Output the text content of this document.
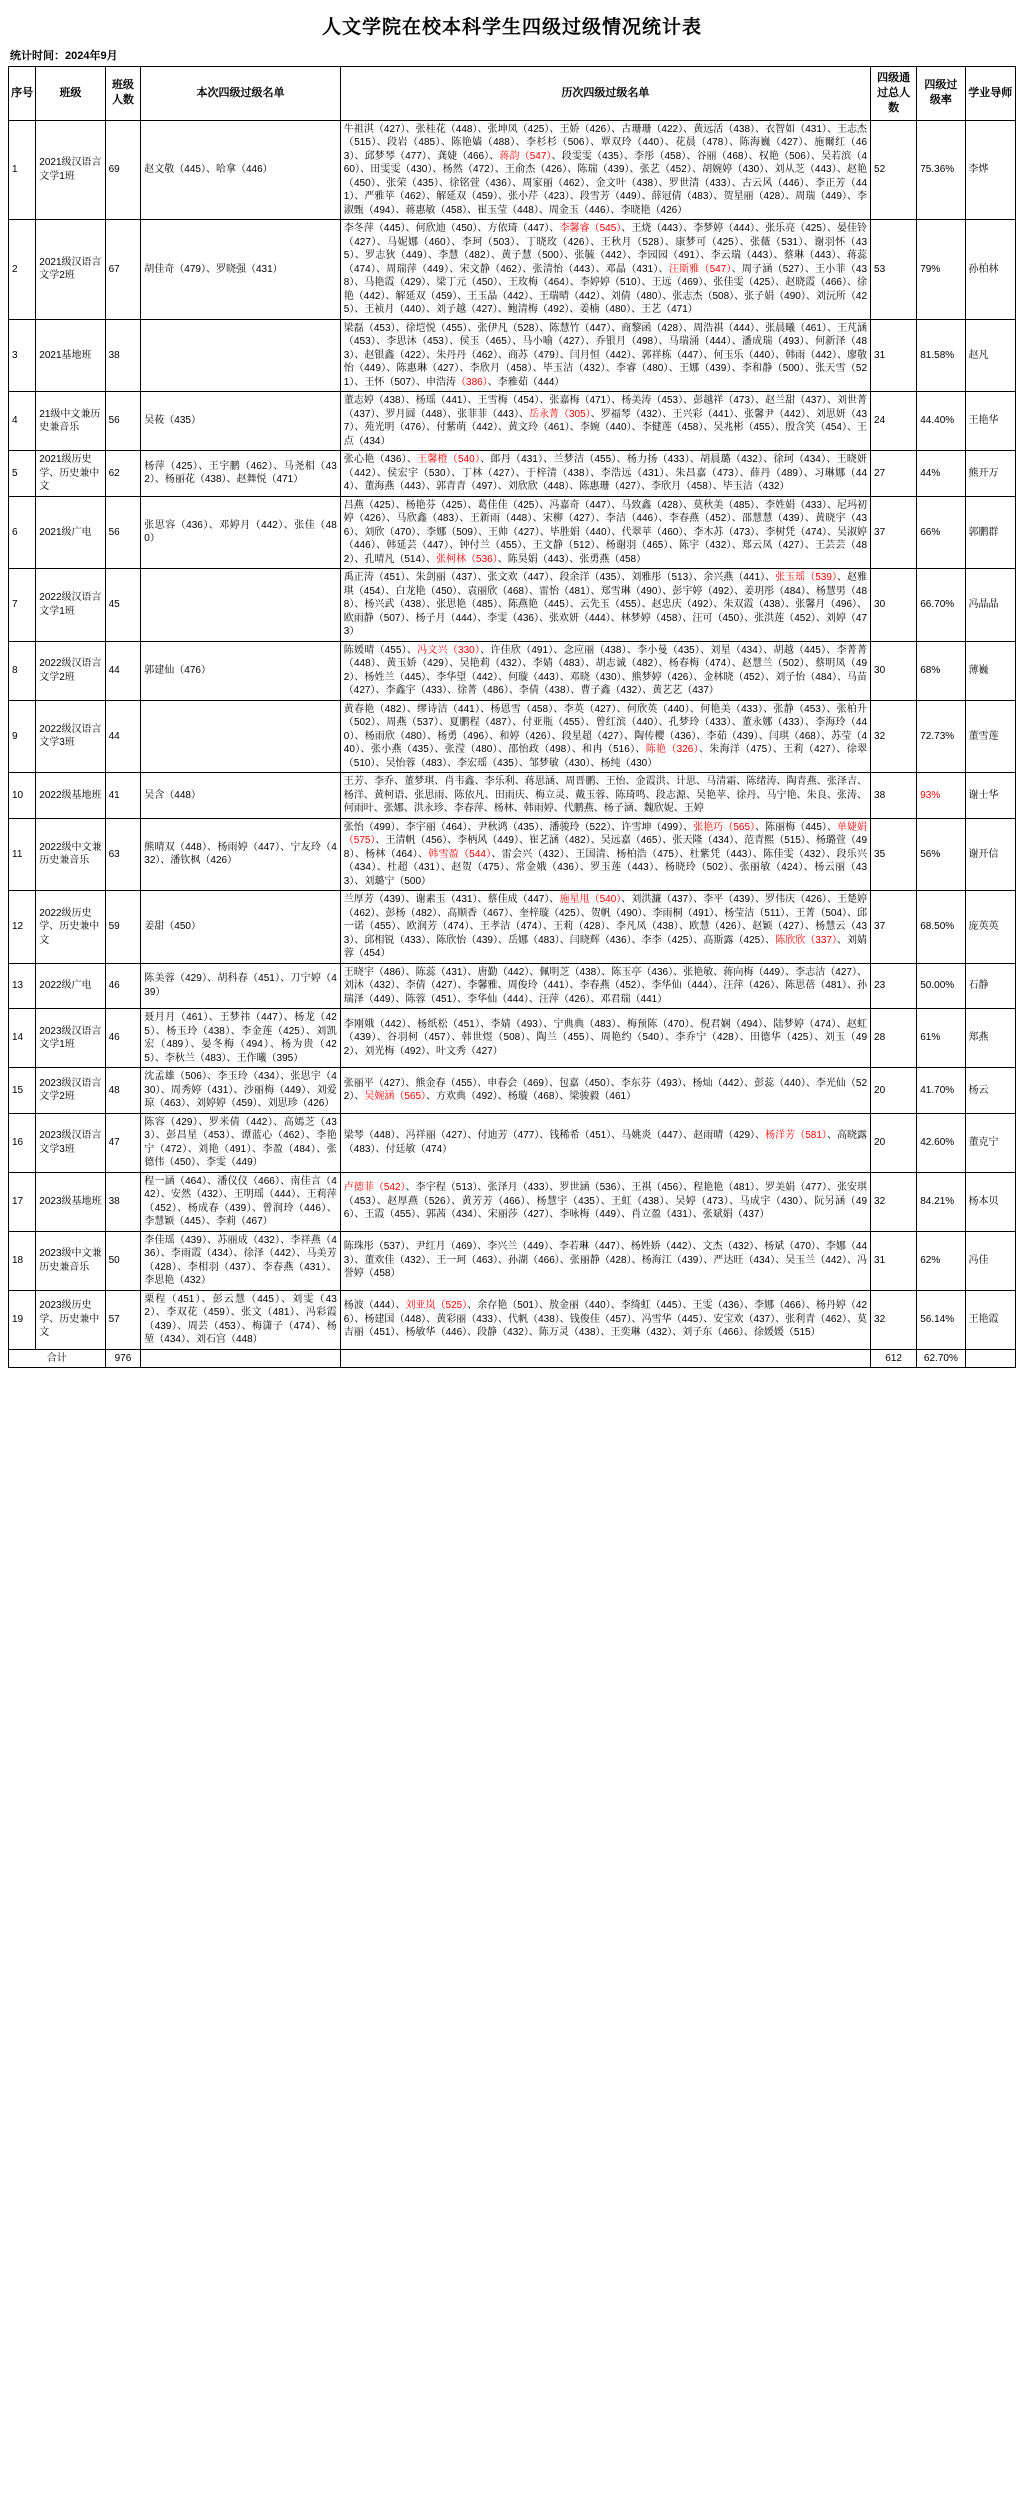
人文学院在校本科学生四级过级情况统计表
统计时间：2024年9月
序号	班级	班级人数	本次四级过级名单	历次四级过级名单	四级通过总人数	四级过级率	学业导师
1	2021级汉语言文学1班	69	赵文敬（445）、哈拿（446）	牛祖淇（427）、张桂花（448）、张坤凤（425）、王娇（426）、古珊珊（422）、黄远活（438）、衣智如（431）、王志杰（515）、段岩（485）、陈艳嫱（488）、李杉杉（506）、覃双玲（440）、花晨（478）、陈海巍（427）、施爾红（463）、邱梦琴（477）、龚婕（466）、蒋韵（547）、段雯雯（435）、李彤（458）、谷丽（468）、权艳（506）、吴若滨（460）、田雯雯（430）、杨然（472）、王俞杰（426）、陈瑞（439）、张艺（452）、胡婉婷（430）、刘从芝（443）、赵艳（450）、张荣（435）、徐铭萱（436）、周家丽（462）、金文叶（438）、罗世清（433）、古云风（446）、李正芳（441）、严雅苹（462）、解延双（459）、张小芹（423）、段雪芳（449）、薛冠倩（483）、贺星丽（428）、周瑞（449）、李淑甄（494）、蒋惠敏（458）、崔玉莹（448）、周金玉（446）、李晓艳（426）	52	75.36%	李烨
2	2021级汉语言文学2班	67	胡佳奇（479）、罗晓强（431）	李冬萍（445）、何欣迪（450）、方依琦（447）、李馨睿（545）、王烧（443）、李梦婷（444）、张乐亮（425）、晏佳铃（427）、马妮娜（460）、李珂（503）、丁晓玫（426）、王秋月（528）、康梦可（425）、张薇（531）、谢羽怀（435）、罗志狄（449）、李慧（482）、黄子慧（500）、张毓（442）、李园园（491）、李云瑞（443）、蔡琳（443）、蒋蕊（474）、周瑞萍（449）、宋文静（462）、张清怡（443）、邓晶（431）、汪斯雅（547）、周子涵（527）、王小菲（438）、马艳霞（429）、梁丁元（450）、王玫梅（464）、李婷婷（510）、王远（469）、张佳雯（425）、赵晓霞（466）、徐艳（442）、解延双（459）、王玉晶（442）、王瑞晴（442）、刘倩（480）、张志杰（508）、张子娟（490）、刘沅所（425）、王祯月（440）、刘子越（427）、鲍清梅（492）、姜楠（480）、王艺（471）	53	79%	孙柏林
3	2021基地班	38		梁磊（453）、徐垲悦（455）、张伊凡（528）、陈慧竹（447）、商黎函（428）、周浩祺（444）、张晨曦（461）、王芃涵（453）、李思沐（453）、侯玉（465）、马小喻（427）、乔银月（498）、马瑞涌（444）、潘成瑞（493）、何新泽（483）、赵银鑫（422）、朱丹丹（462）、商苏（479）、闫月恒（442）、郭祥栋（447）、何玉乐（440）、韩雨（442）、廖敬怡（449）、陈惠琳（427）、李欣月（458）、毕玉洁（432）、李睿（480）、王娜（439）、李和静（500）、张天雪（521）、王怀（507）、申浩涛（386）、李雅茹（444）	31	81.58%	赵凡
4	21级中文兼历史兼音乐	56	吴莜（435）	董志婷（438）、杨瑶（441）、王雪梅（454）、张嘉梅（471）、杨美涛（453）、彭越祥（473）、赵兰甜（437）、刘世菁（437）、罗月圆（448）、张菲菲（443）、岳永菁（305）、罗福琴（432）、王兴彩（441）、张馨尹（442）、刘思妍（437）、苑光明（476）、付紫萌（442）、黄文玲（461）、李婉（440）、李健莲（458）、吴兆彬（455）、殷含笑（454）、王点（434）	24	44.40%	王艳华
5	2021级历史学、历史兼中文	62	杨萍（425）、王宇鹏（462）、马尧相（432）、杨丽花（438）、赵舞悦（471）	张心艳（436）、王馨橙（540）、郎丹（431）、兰梦洁（455）、杨力扬（433）、胡晨璐（432）、徐珂（434）、王晓妍（442）、侯宏宇（530）、丁林（427）、于梓清（438）、李浩远（431）、朱昌嘉（473）、薛丹（489）、习琳娜（444）、董海燕（443）、郭青青（497）、刘欣欣（448）、陈惠珊（427）、李欣月（458）、毕玉洁（432）	27	44%	熊开万
6	2021级广电	56	张思容（436）、邓婷月（442）、张佳（480）	吕燕（425）、杨艳芬（425）、葛佳佳（425）、冯嘉奇（447）、马致鑫（428）、莫秋美（485）、李姓娟（433）、尼玛初婷（426）、马欣鑫（483）、王新雨（448）、宋柳（427）、李洁（446）、李春燕（452）、邵慧慧（439）、黄晓宇（436）、刘欣（470）、李娜（509）、王帅（427）、毕胜娟（440）、代翠苹（460）、李木苏（473）、李树凭（474）、吴淑婷（446）、韩延芸（447）、钟付兰（455）、王文静（512）、杨谢羽（465）、陈宇（432）、郑云凤（427）、王芸芸（482）、孔晴凡（514）、张柯林（536）、陈昊娟（443）、张勇燕（458）	37	66%	郭鹏群
7	2022级汉语言文学1班	45		禹正涛（451）、朱剑丽（437）、张文欢（447）、段余洋（435）、刘雅彤（513）、余兴燕（441）、张玉瑶（539）、赵雅琪（454）、白龙艳（450）、袁丽欣（468）、雷怡（481）、郑雪琳（490）、彭宇婷（492）、姜玥彤（484）、杨慧男（488）、杨兴武（438）、张思艳（485）、陈燕艳（445）、云先玉（455）、赵忠庆（492）、朱双霞（438）、张馨月（496）、欧雨静（507）、杨子月（444）、李雯（436）、张欢妍（444）、林梦婷（458）、汪可（450）、张洪莲（452）、刘婷（473）	30	66.70%	冯晶晶
8	2022级汉语言文学2班	44	郭建仙（476）	陈媛晴（455）、冯文兴（330）、许佳欣（491）、念应丽（438）、李小曼（435）、刘星（434）、胡越（445）、李菁菁（448）、黄玉娇（429）、吴艳莉（432）、李婧（483）、胡志诚（482）、杨春梅（474）、赵慧兰（502）、蔡明凤（492）、杨姓兰（445）、李华望（442）、何璇（443）、邓晓（430）、熊梦婷（426）、金林晓（452）、刘子怡（484）、马苗（427）、李鑫宇（433）、徐菁（486）、李倩（438）、曹子鑫（432）、黄艺艺（437）	30	68%	薄巍
9	2022级汉语言文学3班	44		黄春艳（482）、缪诗洁（441）、杨恩雪（458）、李英（427）、何欣英（440）、何艳美（433）、张静（453）、张柏升（502）、周燕（537）、夏鹏程（487）、付亚瓶（455）、曾红滨（440）、孔梦玲（433）、董永娜（433）、李海玲（440）、杨雨欣（480）、杨勇（496）、和婷（426）、段星超（427）、陶传樱（436）、李茹（439）、闫琪（468）、苏莹（440）、张小燕（435）、张滢（480）、邵怡政（498）、和冉（516）、陈艳（326）、朱海洋（475）、王莉（427）、徐翠（510）、吴怡蓉（483）、李宏瑶（435）、邹梦敏（430）、杨纯（430）	32	72.73%	董雪莲
10	2022级基地班	41	吴含（448）	王芳、李乔、董梦琪、肖韦鑫、李乐利、蒋思涵、周晋鹏、王怡、金霞洪、计思、马清霜、陈绪涛、陶青燕、张泽吉、杨洋、黄柯语、张思雨、陈依凡、田雨庆、梅立灵、戴玉蓉、陈琦鸣、段志源、吴艳苹、徐丹、马宁艳、朱良、张涛、何雨叶、张娜、洪永珍、李春萍、杨林、韩雨婷、代鹏燕、杨子涵、魏欣妮、王婷	38	93%	谢士华
11	2022级中文兼历史兼音乐	63	熊晴双（448）、杨雨婷（447）、宁友玲（432）、潘钦枫（426）	张怡（499）、李宇丽（464）、尹秋鸿（435）、潘骏玲（522）、许雪坤（499）、张艳巧（565）、陈丽梅（445）、单婕娟（575）、王清帆（456）、李柄风（449）、崔艺涵（482）、吴远嘉（465）、张天隆（434）、范青熙（515）、杨璐萱（498）、杨林（464）、韩雪盈（544）、雷会兴（432）、王国清、杨柏浩（475）、杜紫凭（443）、陈佳雯（432）、段乐兴（434）、杜超（431）、赵贺（475）、常金娥（436）、罗玉莲（443）、杨晓玲（502）、张丽敏（424）、杨云丽（433）、刘璐宁（500）	35	56%	谢开信
12	2022级历史学、历史兼中文	59	姜甜（450）	兰厚芳（439）、谢素玉（431）、蔡佳成（447）、施星甩（540）、刘洪濂（437）、李平（439）、罗伟庆（426）、王楚婷（462）、彭杨（482）、高顺香（467）、奎梓璇（425）、贺帆（490）、李雨桐（491）、杨莹洁（511）、王菁（504）、邱一诺（455）、欧润芳（474）、王孝洁（474）、王莉（428）、李凡凤（438）、欧慧（426）、赵颖（427）、杨慧云（433）、邱相锐（433）、陈欣怡（439）、岳娜（483）、闫晓辉（436）、李李（425）、高斯露（425）、陈欣欣（337）、刘婧蓉（454）	37	68.50%	庞英英
13	2022级广电	46	陈美蓉（429）、胡科春（451）、刀宁婷（439）	王晓宇（486）、陈蕊（431）、唐勤（442）、佩明芝（438）、陈玉亭（436）、张艳敏、蒋向梅（449）、李志洁（427）、刘沐（432）、李倩（427）、李馨雅、周俊玲（441）、李春燕（452）、李华仙（444）、汪萍（426）、陈思蓓（481）、孙瑞泽（449）、陈蓉（451）、李华仙（444）、汪萍（426）、邓君瑞（441）	23	50.00%	石静
14	2023级汉语言文学1班	46	聂月月（461）、王梦祎（447）、杨龙（425）、杨玉玲（438）、李金莲（425）、刘凯宏（489）、晏冬梅（494）、杨为贵（425）、李秋兰（483）、王作曦（395）	李刚娥（442）、杨纸松（451）、李婧（493）、宁典典（483）、梅预陈（470）、倪君娴（494）、陆梦婷（474）、赵虹（439）、谷羽柯（457）、韩世煜（508）、陶兰（455）、周艳约（540）、李乔宁（428）、田德华（425）、刘玉（492）、刘光梅（492）、叶文秀（427）	28	61%	郑燕
15	2023级汉语言文学2班	48	沈孟雄（506）、李玉玲（434）、张思宇（430）、周秀婷（431）、沙丽梅（449）、刘爱琼（463）、刘婷婷（459）、刘思珍（426）	张丽平（427）、熊金春（455）、申春会（469）、包嘉（450）、李东芬（493）、杨灿（442）、彭蕊（440）、李光仙（522）、吴婉涵（565）、方欢典（492）、杨璇（468）、梁骏毅（461）	20	41.70%	杨云
16	2023级汉语言文学3班	47	陈容（429）、罗米倩（442）、高嫣芝（433）、彭昌星（453）、谭蓝心（462）、李艳宁（472）、刘艳（491）、李盈（484）、张德伟（450）、李雯（449）	梁琴（448）、冯祥丽（427）、付迪芳（477）、钱稀希（451）、马姚炎（447）、赵雨晴（429）、杨洋芳（581）、高晓露（483）、付廷敏（474）	20	42.60%	董克宁
17	2023级基地班	38	程一涵（464）、潘仪仪（466）、南佳言（442）、安然（432）、王明瑶（444）、王莉萍（452）、杨成春（439）、曾润玲（446）、李慧颖（445）、李莉（467）	卢德菲（542）、李宇程（513）、张泽月（433）、罗世涵（536）、王祺（456）、程艳艳（481）、罗美娟（477）、张安琪（453）、赵厚燕（526）、黄芳芳（466）、杨慧宇（435）、王虹（438）、吴婷（473）、马成宇（430）、阮另涵（496）、王霞（455）、郭茜（434）、宋丽莎（427）、李咏梅（449）、肖立盈（431）、张斌娟（437）	32	84.21%	杨本贝
18	2023级中文兼历史兼音乐	50	李佳瑶（439）、苏丽成（432）、李祥燕（436）、李雨霞（434）、徐泽（442）、马美芳（428）、李相羽（437）、李春燕（431）、李思艳（432）	陈珠彤（537）、尹红月（469）、李兴兰（449）、李若琳（447）、杨姓娇（442）、文杰（432）、杨斌（470）、李娜（443）、董欢佳（432）、王一珂（463）、孙湖（466）、张丽静（428）、杨海江（439）、严达旺（434）、吴玉兰（442）、冯誉婷（458）	31	62%	冯佳
19	2023级历史学、历史兼中文	57	栗程（451）、彭云慧（445）、刘雯（432）、李双花（459）、张文（481）、冯彩霞（439）、周芸（453）、梅潇子（474）、杨堃（434）、刘石宫（448）	杨波（444）、刘亚岚（525）、余存艳（501）、敖金丽（440）、李绮虹（445）、王雯（436）、李娜（466）、杨丹婷（426）、杨建国（448）、黄彩丽（433）、代帆（438）、钱俊佳（457）、冯雪华（445）、安宝欢（437）、张利青（462）、莫吉丽（451）、杨敏华（446）、段静（432）、陈万灵（438）、王奕琳（432）、刘子东（466）、徐媛媛（515）	32	56.14%	王艳霞
合计		976			612	62.70%	
